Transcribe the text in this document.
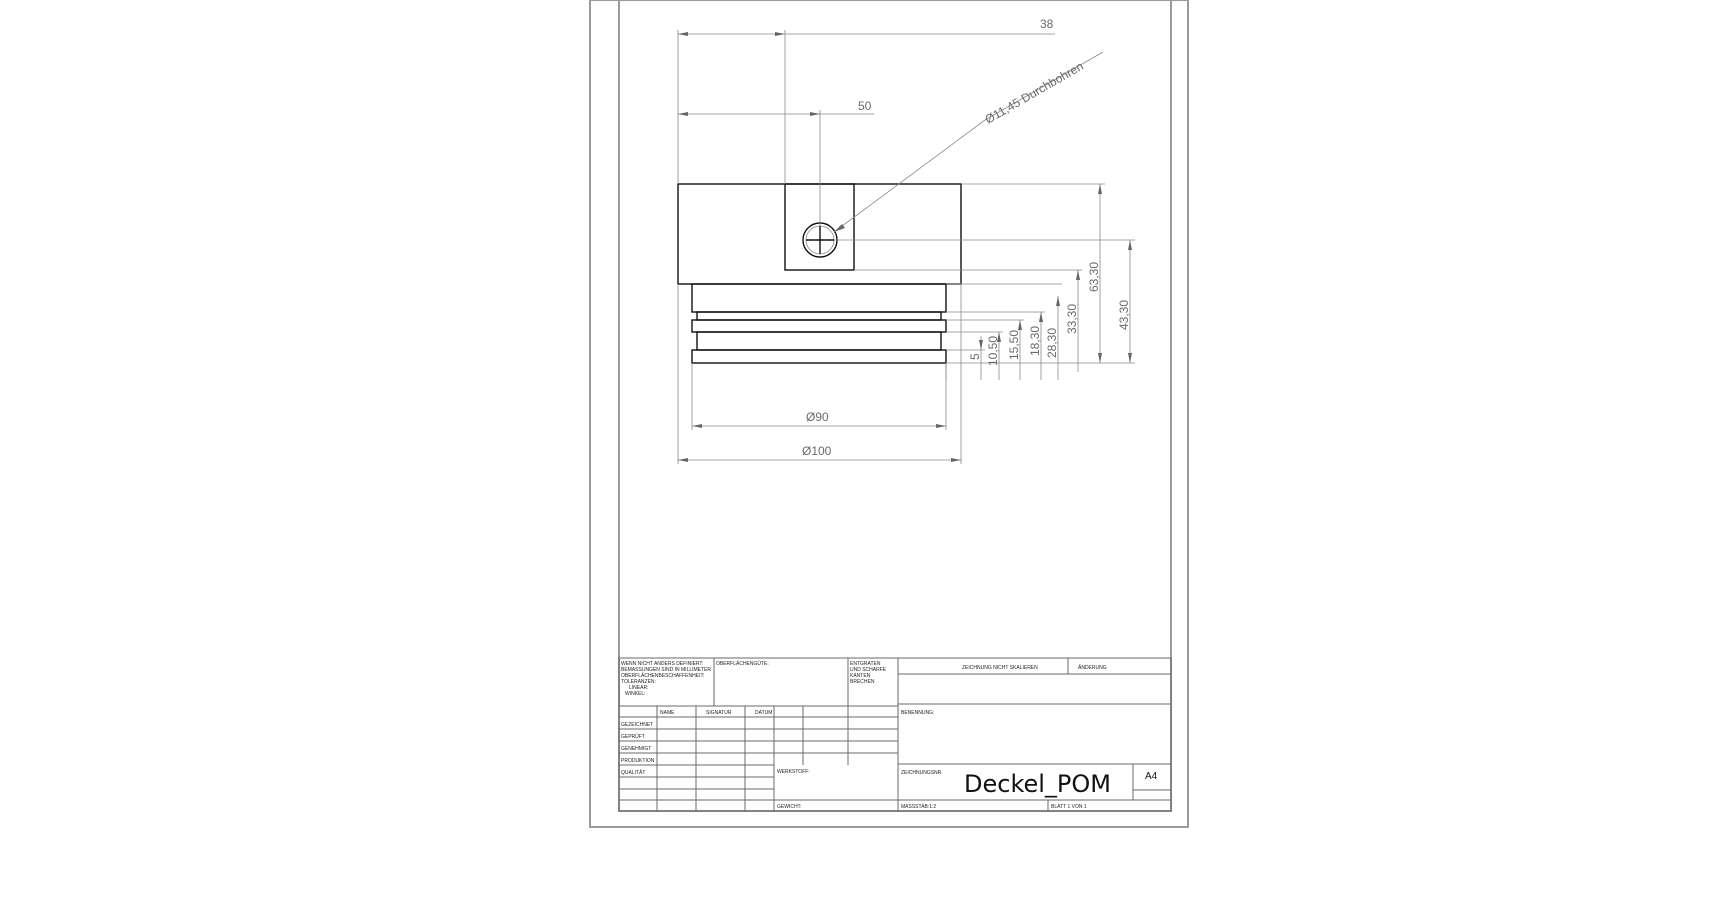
38
50	Ø11,45 Durchbohren
63,30
43,30
33,30
28,30
18,30
15,50
10,50
5
Ø90
Ø100
WENN NICHT ANDERS DEFINIERT:
BEMASSUNGEN SIND IN MILLIMETER
OBERFLÄCHENBESCHAFFENHEIT:
TOLERANZEN:
LINEAR:
WINKEL:
OBERFLÄCHENGÜTE:	ENTGRATEN
UND SCHARFE
KANTEN
BRECHEN
ZEICHNUNG NICHT SKALIEREN	ÄNDERUNG
NAME	SIGNATUR	DATUM
GEZEICHNET
GEPRÜFT
GENEHMIGT
PRODUKTION
QUALITÄT
BENENNUNG:
WERKSTOFF:	ZEICHNUNGSNR. Deckel_POM	A4
GEWICHT:	MASSSTAB:1:2	BLATT 1 VON 1
